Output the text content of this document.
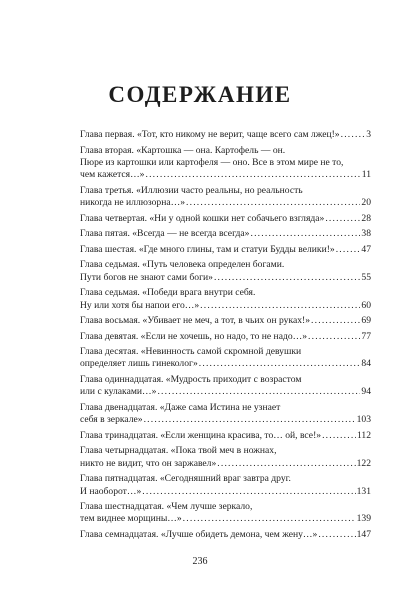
СОДЕРЖАНИЕ
Глава первая. «Тот, кто никому не верит, чаще всего сам лжец!» .....	3
Глава вторая. «Картошка — она. Картофель — он.
Пюре из картошки или картофеля — оно. Все в этом мире не то,
чем кажется…» .....	11
Глава третья. «Иллюзии часто реальны, но реальность
никогда не иллюзорна…» .....	20
Глава четвертая. «Ни у одной кошки нет собачьего взгляда» .....	28
Глава пятая. «Всегда — не всегда всегда» .....	38
Глава шестая. «Где много глины, там и статуи Будды велики!» .....	47
Глава седьмая. «Путь человека определен богами.
Пути богов не знают сами боги» .....	55
Глава седьмая. «Победи врага внутри себя.
Ну или хотя бы напои его…» .....	60
Глава восьмая. «Убивает не меч, а тот, в чьих он руках!» .....	69
Глава девятая. «Если не хочешь, но надо, то не надо…» .....	77
Глава десятая. «Невинность самой скромной девушки
определяет лишь гинеколог» .....	84
Глава одиннадцатая. «Мудрость приходит с возрастом
или с кулаками…» .....	94
Глава двенадцатая. «Даже сама Истина не узнает
себя в зеркале» .....	103
Глава тринадцатая. «Если женщина красива, то… ой, все!» .....	112
Глава четырнадцатая. «Пока твой меч в ножнах,
никто не видит, что он заржавел» .....	122
Глава пятнадцатая. «Сегодняшний враг завтра друг.
И наоборот…» .....	131
Глава шестнадцатая. «Чем лучше зеркало,
тем виднее морщины…» .....	139
Глава семнадцатая. «Лучше обидеть демона, чем жену…» .....	147
236
